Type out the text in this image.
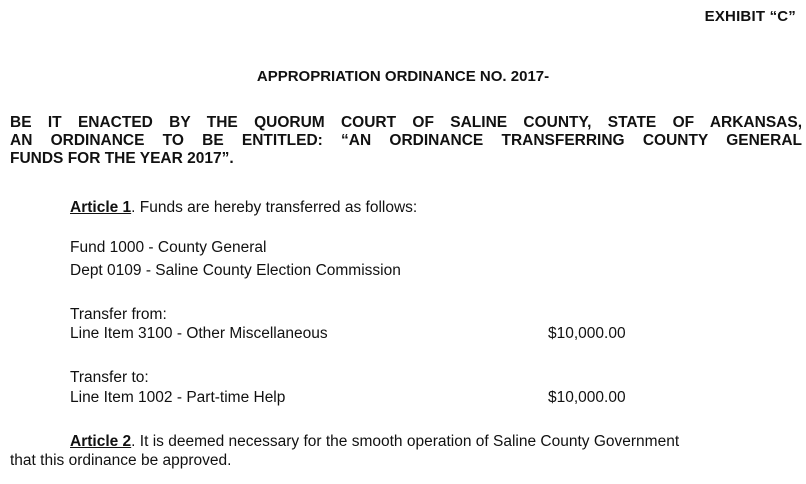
EXHIBIT “C”
APPROPRIATION ORDINANCE NO. 2017-
BE IT ENACTED BY THE QUORUM COURT OF SALINE COUNTY, STATE OF ARKANSAS,
AN ORDINANCE TO BE ENTITLED: “AN ORDINANCE TRANSFERRING COUNTY GENERAL
FUNDS FOR THE YEAR 2017”.
Article 1. Funds are hereby transferred as follows:
Fund 1000 - County General
Dept 0109 - Saline County Election Commission
Transfer from:
Line Item 3100 - Other Miscellaneous	$10,000.00
Transfer to:
Line Item 1002 - Part-time Help	$10,000.00
Article 2. It is deemed necessary for the smooth operation of Saline County Government
that this ordinance be approved.
